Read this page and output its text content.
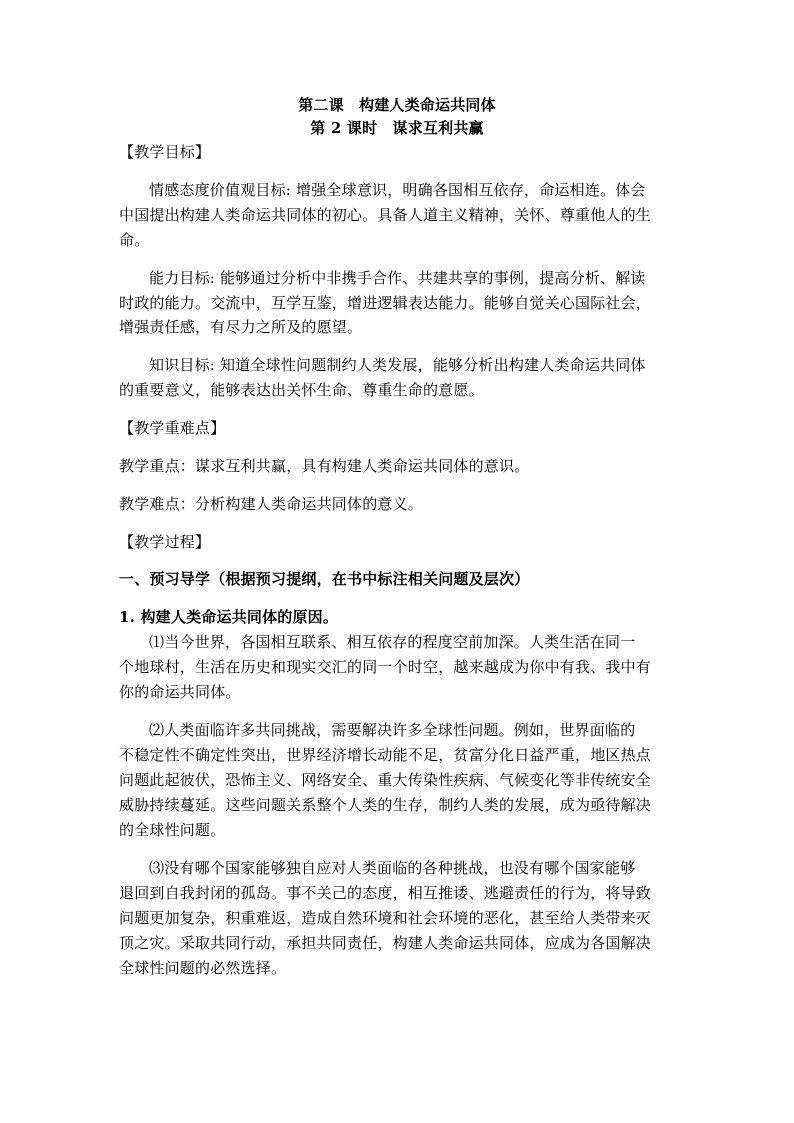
第二课　构建人类命运共同体
第 2 课时　谋求互利共赢
【教学目标】
情感态度价值观目标: 增强全球意识，明确各国相互依存，命运相连。体会
中国提出构建人类命运共同体的初心。具备人道主义精神，关怀、尊重他人的生
命。
能力目标: 能够通过分析中非携手合作、共建共享的事例，提高分析、解读
时政的能力。交流中，互学互鉴，增进逻辑表达能力。能够自觉关心国际社会，
增强责任感，有尽力之所及的愿望。
知识目标: 知道全球性问题制约人类发展，能够分析出构建人类命运共同体
的重要意义，能够表达出关怀生命、尊重生命的意愿。
【教学重难点】
教学重点：谋求互利共赢，具有构建人类命运共同体的意识。
教学难点：分析构建人类命运共同体的意义。
【教学过程】
一、预习导学（根据预习提纲，在书中标注相关问题及层次）
1. 构建人类命运共同体的原因。
⑴当今世界，各国相互联系、相互依存的程度空前加深。人类生活在同一
个地球村，生活在历史和现实交汇的同一个时空，越来越成为你中有我、我中有
你的命运共同体。
⑵人类面临许多共同挑战，需要解决许多全球性问题。例如，世界面临的
不稳定性不确定性突出，世界经济增长动能不足，贫富分化日益严重，地区热点
问题此起彼伏，恐怖主义、网络安全、重大传染性疾病、气候变化等非传统安全
威胁持续蔓延。这些问题关系整个人类的生存，制约人类的发展，成为亟待解决
的全球性问题。
⑶没有哪个国家能够独自应对人类面临的各种挑战，也没有哪个国家能够
退回到自我封闭的孤岛。事不关己的态度，相互推诿、逃避责任的行为，将导致
问题更加复杂，积重难返，造成自然环境和社会环境的恶化，甚至给人类带来灭
顶之灾。采取共同行动，承担共同责任，构建人类命运共同体，应成为各国解决
全球性问题的必然选择。
